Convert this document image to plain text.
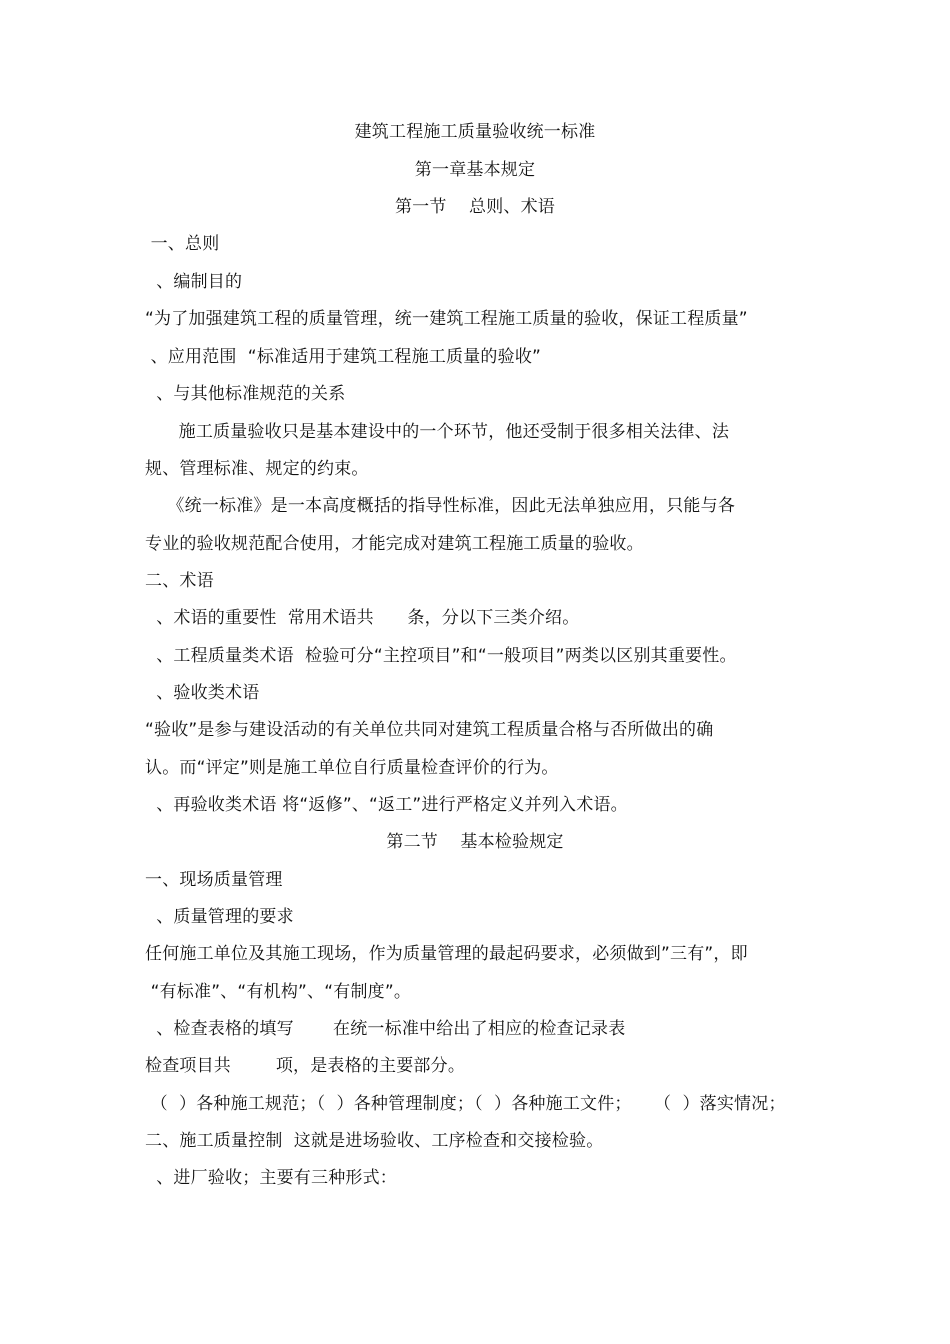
建筑工程施工质量验收统一标准
第一章基本规定
第一节    总则、术语
一、总则
、编制目的
“为了加强建筑工程的质量管理，统一建筑工程施工质量的验收，保证工程质量”
、应用范围  “标准适用于建筑工程施工质量的验收”
、与其他标准规范的关系
施工质量验收只是基本建设中的一个环节，他还受制于很多相关法律、法
规、管理标准、规定的约束。
《统一标准》是一本高度概括的指导性标准，因此无法单独应用，只能与各
专业的验收规范配合使用，才能完成对建筑工程施工质量的验收。
二、术语
、术语的重要性  常用术语共      条，分以下三类介绍。
、工程质量类术语  检验可分“主控项目”和“一般项目”两类以区别其重要性。
、验收类术语
“验收”是参与建设活动的有关单位共同对建筑工程质量合格与否所做出的确
认。而“评定”则是施工单位自行质量检查评价的行为。
、再验收类术语 将“返修”、“返工”进行严格定义并列入术语。
第二节    基本检验规定
一、现场质量管理
、质量管理的要求
任何施工单位及其施工现场，作为质量管理的最起码要求，必须做到”三有”，即
“有标准”、“有机构”、“有制度”。
、检查表格的填写       在统一标准中给出了相应的检查记录表
检查项目共        项，是表格的主要部分。
（  ）各种施工规范；（  ）各种管理制度；（  ）各种施工文件；    （  ）落实情况；
二、施工质量控制  这就是进场验收、工序检查和交接检验。
、进厂验收；主要有三种形式：
